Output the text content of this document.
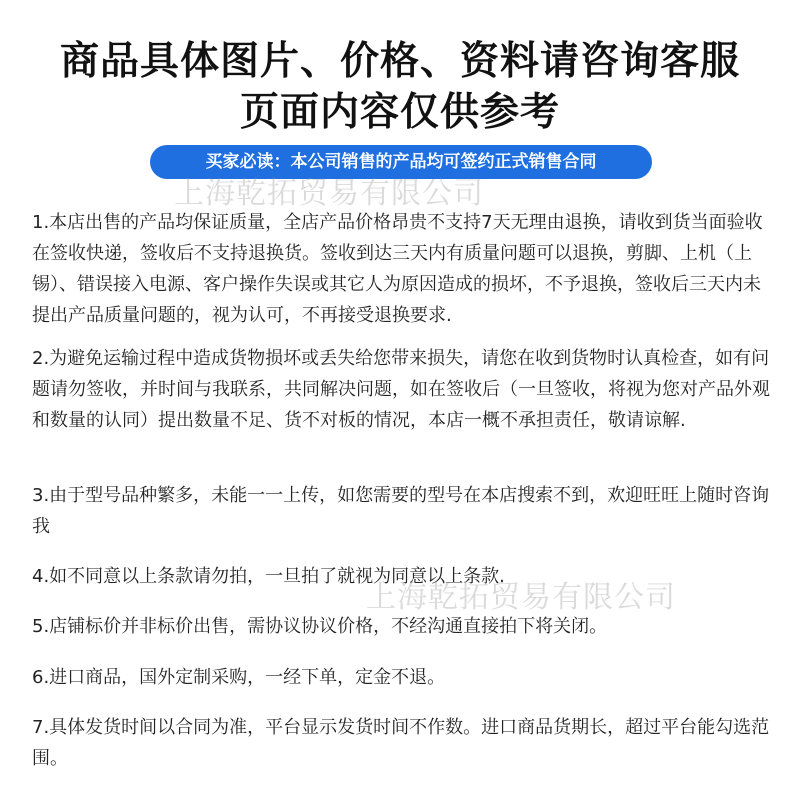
商品具体图片、价格、资料请咨询客服
页面内容仅供参考
买家必读：本公司销售的产品均可签约正式销售合同

1.本店出售的产品均保证质量，全店产品价格昂贵不支持7天无理由退换，请收到货当面验收在签收快递，签收后不支持退换货。签收到达三天内有质量问题可以退换，剪脚、上机（上锡）、错误接入电源、客户操作失误或其它人为原因造成的损坏，不予退换，签收后三天内未提出产品质量问题的，视为认可，不再接受退换要求.

2.为避免运输过程中造成货物损坏或丢失给您带来损失，请您在收到货物时认真检查，如有问题请勿签收，并时间与我联系，共同解决问题，如在签收后（一旦签收，将视为您对产品外观和数量的认同）提出数量不足、货不对板的情况，本店一概不承担责任，敬请谅解.

3.由于型号品种繁多，未能一一上传，如您需要的型号在本店搜索不到，欢迎旺旺上随时咨询我

4.如不同意以上条款请勿拍，一旦拍了就视为同意以上条款.

5.店铺标价并非标价出售，需协议协议价格，不经沟通直接拍下将关闭。

6.进口商品，国外定制采购，一经下单，定金不退。

7.具体发货时间以合同为准，平台显示发货时间不作数。进口商品货期长，超过平台能勾选范围。

上海乾拓贸易有限公司
上海乾拓贸易有限公司
